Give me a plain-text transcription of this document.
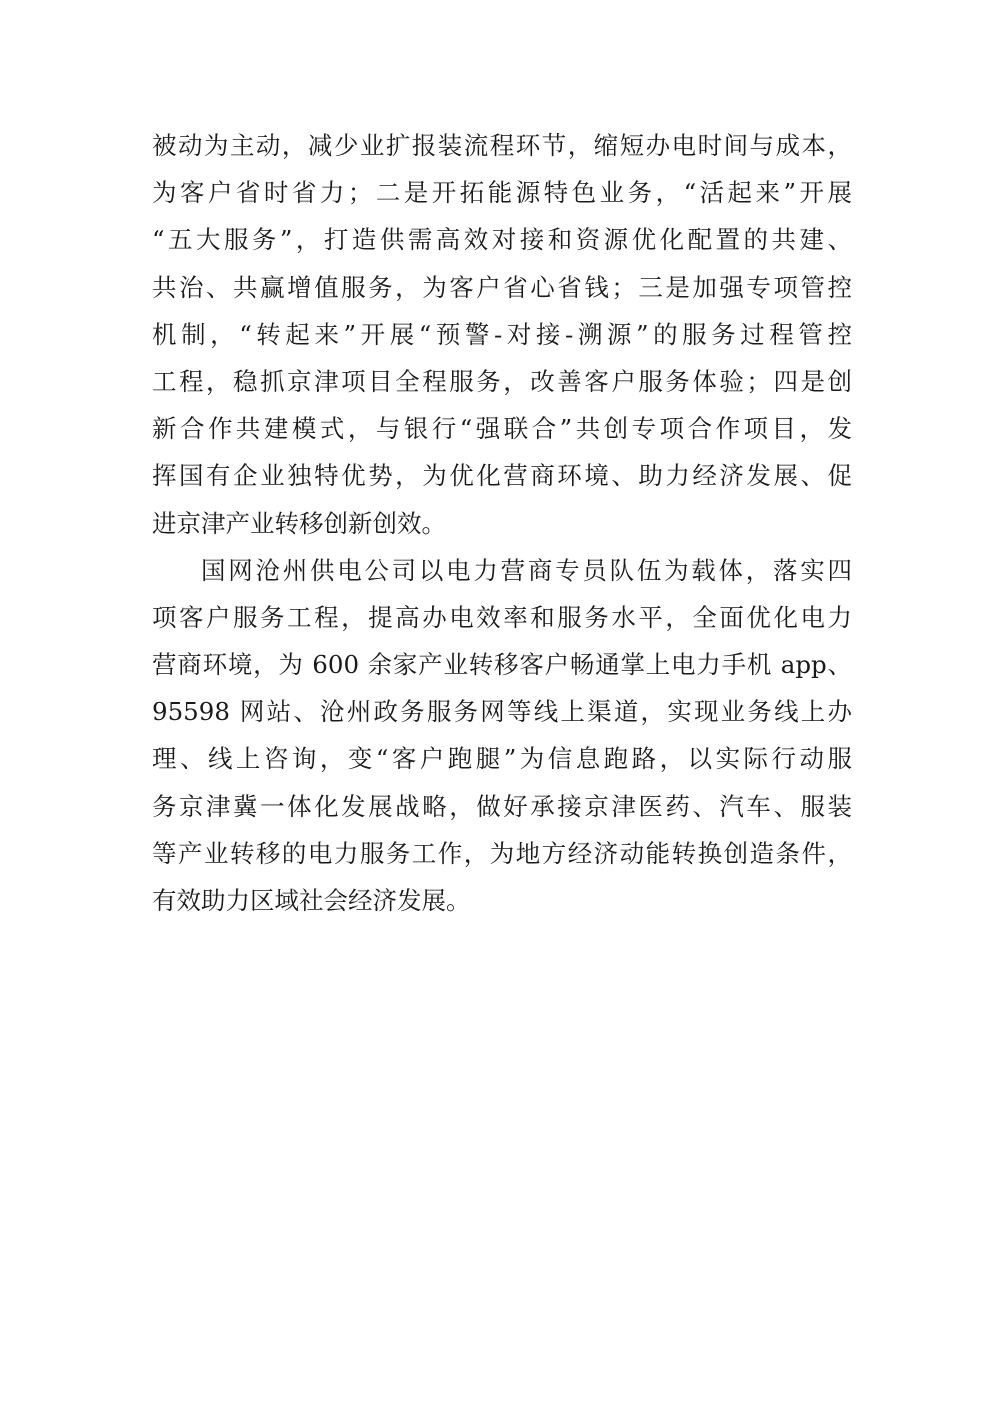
被动为主动，减少业扩报装流程环节，缩短办电时间与成本，
为客户省时省力；二是开拓能源特色业务，“活起来”开展
“五大服务”，打造供需高效对接和资源优化配置的共建、
共治、共赢增值服务，为客户省心省钱；三是加强专项管控
机制，“转起来”开展“预警-对接-溯源”的服务过程管控
工程，稳抓京津项目全程服务，改善客户服务体验；四是创
新合作共建模式，与银行“强联合”共创专项合作项目，发
挥国有企业独特优势，为优化营商环境、助力经济发展、促
进京津产业转移创新创效。
国网沧州供电公司以电力营商专员队伍为载体，落实四
项客户服务工程，提高办电效率和服务水平，全面优化电力
营商环境，为 600 余家产业转移客户畅通掌上电力手机 app、
95598 网站、沧州政务服务网等线上渠道，实现业务线上办
理、线上咨询，变“客户跑腿”为信息跑路，以实际行动服
务京津冀一体化发展战略，做好承接京津医药、汽车、服装
等产业转移的电力服务工作，为地方经济动能转换创造条件，
有效助力区域社会经济发展。
